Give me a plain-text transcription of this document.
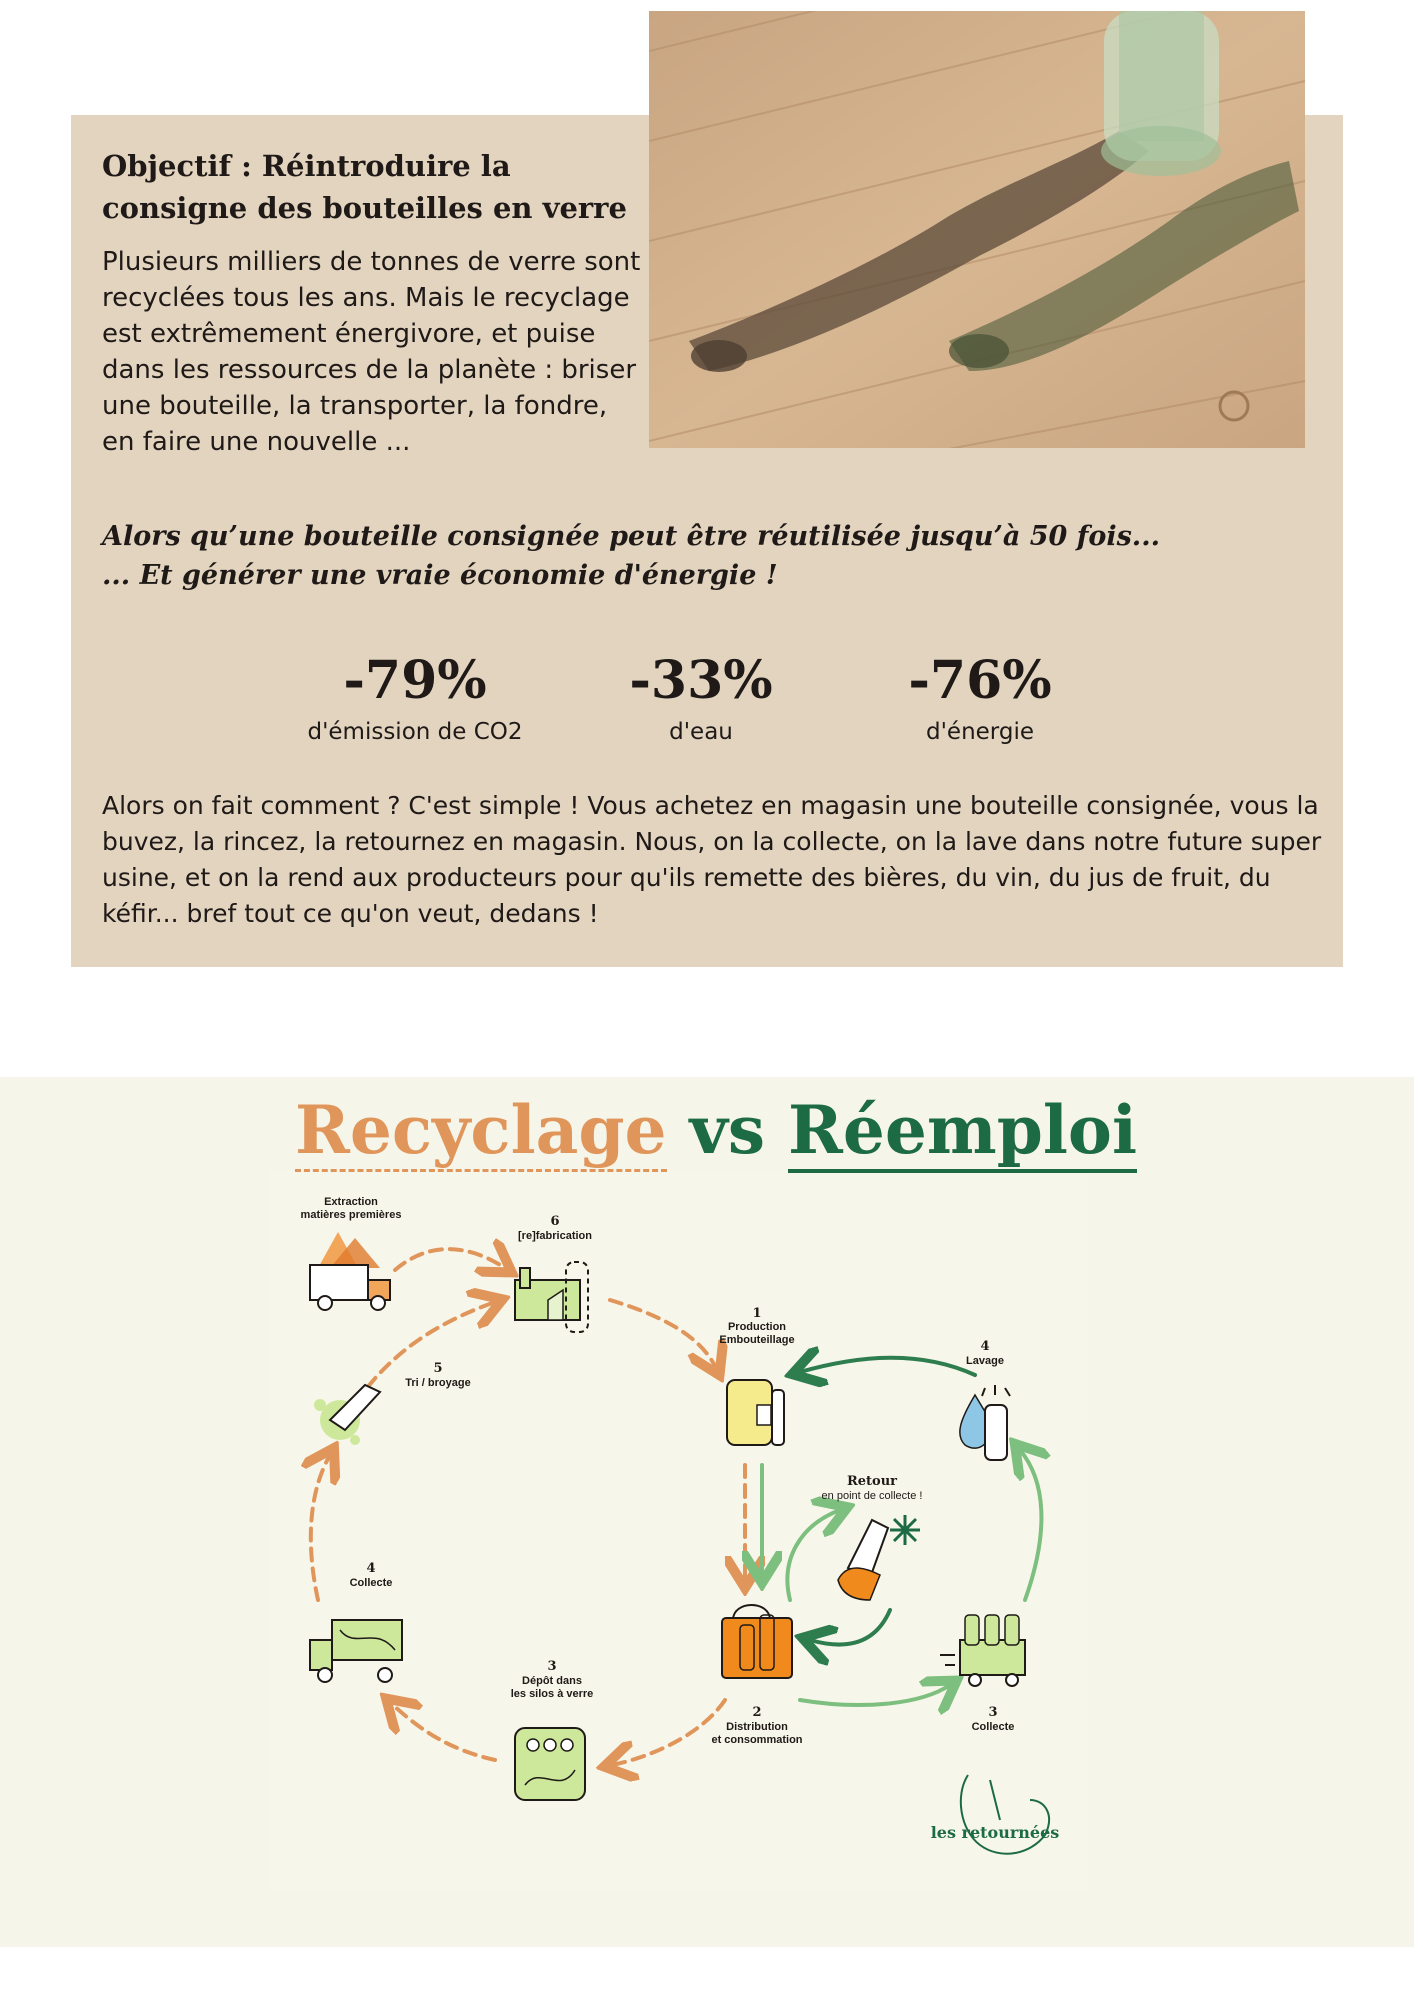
Objectif : Réintroduire la consigne des bouteilles en verre

Plusieurs milliers de tonnes de verre sont recyclées tous les ans. Mais le recyclage est extrêmement énergivore, et puise dans les ressources de la planète : briser une bouteille, la transporter, la fondre, en faire une nouvelle ...

Alors qu’une bouteille consignée peut être réutilisée jusqu’à 50 fois...
... Et générer une vraie économie d'énergie !

-79%
d'émission de CO2
-33%
d'eau
-76%
d'énergie

Alors on fait comment ? C'est simple ! Vous achetez en magasin une bouteille consignée, vous la buvez, la rincez, la retournez en magasin. Nous, on la collecte, on la lave dans notre future super usine, et on la rend aux producteurs pour qu'ils remette des bières, du vin, du jus de fruit, du kéfir... bref tout ce qu'on veut, dedans !

Recyclage vs Réemploi
Extraction
matières premières	6
[re]fabrication
1
Production
Embouteillage	4
Lavage
5
Tri / broyage
Retour
en point de collecte !
4
Collecte
3
Dépôt dans
les silos à verre
2
Distribution
et consommation
3
Collecte
les retournées
